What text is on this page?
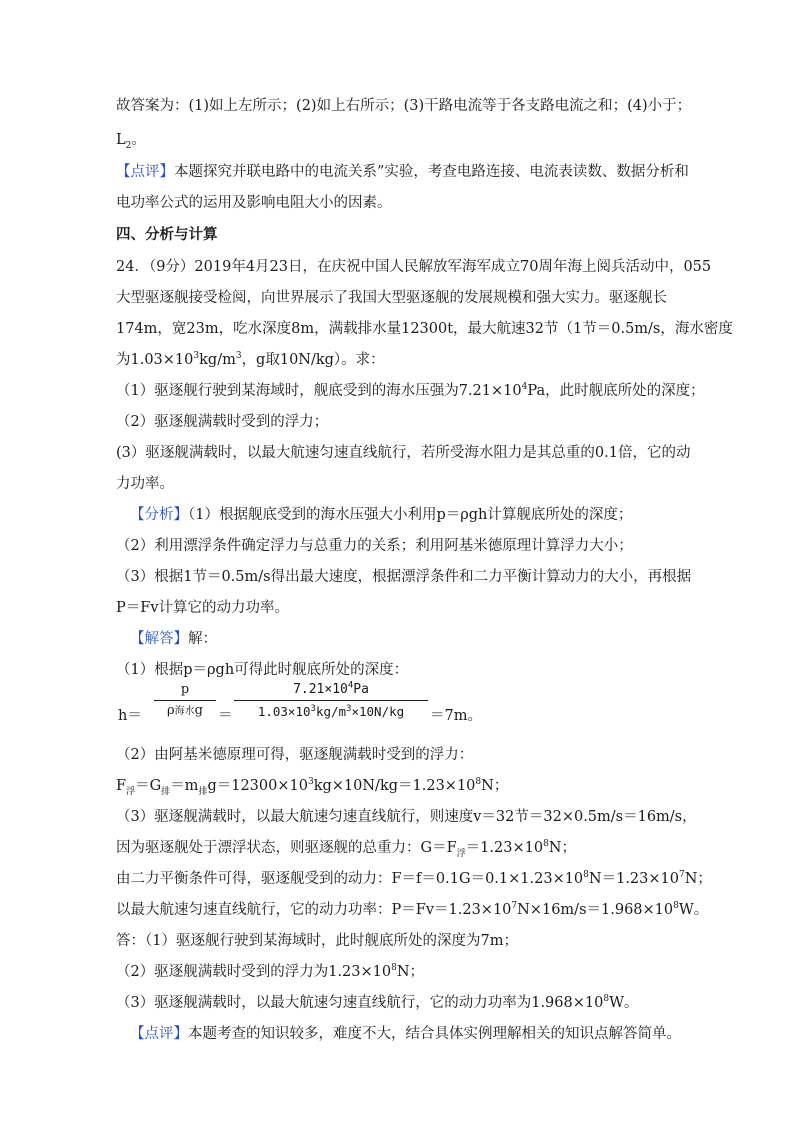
故答案为：(1)如上左所示；(2)如上右所示；(3)干路电流等于各支路电流之和；(4)小于；
$L_2$。
【点评】本题探究并联电路中的电流关系”实验，考查电路连接、电流表读数、数据分析和
电功率公式的运用及影响电阻大小的因素。
四、分析与计算
24．（9分）2019年4月23日，在庆祝中国人民解放军海军成立70周年海上阅兵活动中，055
大型驱逐舰接受检阅，向世界展示了我国大型驱逐舰的发展规模和强大实力。驱逐舰长
174m，宽23m，吃水深度8m，满载排水量12300t，最大航速32节（1节＝0.5m/s，海水密度
为$1.03\times 10^3kg/m^3$，g取10N/kg）。求：
（1）驱逐舰行驶到某海域时，舰底受到的海水压强为$7.21\times 10^4Pa$，此时舰底所处的深度；
（2）驱逐舰满载时受到的浮力；
(3）驱逐舰满载时，以最大航速匀速直线航行，若所受海水阻力是其总重的0.1倍，它的动
力功率。
【分析】（1）根据舰底受到的海水压强大小利用p＝ρgh计算舰底所处的深度；
（2）利用漂浮条件确定浮力与总重力的关系；利用阿基米德原理计算浮力大小；
（3）根据1节＝0.5m/s得出最大速度，根据漂浮条件和二力平衡计算动力的大小，再根据
P＝Fv计算它的动力功率。
【解答】解：
（1）根据p＝ρgh可得此时舰底所处的深度：
h＝
p
ρ海水g	＝
$7.21\times 10^4Pa$
$1.03\times 10^3kg/m^3\times 10N/kg$	＝7m。
（2）由阿基米德原理可得，驱逐舰满载时受到的浮力：
$F_浮=G_排=m_排g=12300\times 10^3kg\times 10N/kg=1.23\times 10^8N$；
（3）驱逐舰满载时，以最大航速匀速直线航行，则速度v＝32节＝32×0.5m/s＝16m/s，
因为驱逐舰处于漂浮状态，则驱逐舰的总重力：$G=F_浮=1.23\times 10^8N$；
由二力平衡条件可得，驱逐舰受到的动力：$F=f=0.1G=0.1\times 1.23\times 10^8N=1.23\times 10^7N$；
以最大航速匀速直线航行，它的动力功率：$P=Fv=1.23\times 10^7N\times 16m/s=1.968\times 10^8W$。
答：（1）驱逐舰行驶到某海域时，此时舰底所处的深度为7m；
（2）驱逐舰满载时受到的浮力为$1.23\times 10^8N$；
（3）驱逐舰满载时，以最大航速匀速直线航行，它的动力功率为$1.968\times 10^8W$。
【点评】本题考查的知识较多，难度不大，结合具体实例理解相关的知识点解答简单。
